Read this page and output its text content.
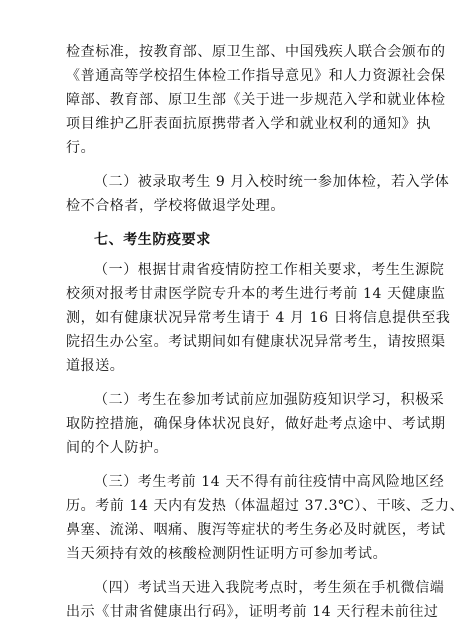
检查标准，按教育部、原卫生部、中国残疾人联合会颁布的
《普通高等学校招生体检工作指导意见》和人力资源社会保
障部、教育部、原卫生部《关于进一步规范入学和就业体检
项目维护乙肝表面抗原携带者入学和就业权利的通知》执
行。
（二）被录取考生 9 月入校时统一参加体检，若入学体
检不合格者，学校将做退学处理。
七、考生防疫要求
（一）根据甘肃省疫情防控工作相关要求，考生生源院
校须对报考甘肃医学院专升本的考生进行考前 14 天健康监
测，如有健康状况异常考生请于 4 月 16 日将信息提供至我
院招生办公室。考试期间如有健康状况异常考生，请按照渠
道报送。
（二）考生在参加考试前应加强防疫知识学习，积极采
取防控措施，确保身体状况良好，做好赴考点途中、考试期
间的个人防护。
（三）考生考前 14 天不得有前往疫情中高风险地区经
历。考前 14 天内有发热（体温超过 37.3℃）、干咳、乏力、
鼻塞、流涕、咽痛、腹泻等症状的考生务必及时就医，考试
当天须持有效的核酸检测阴性证明方可参加考试。
（四）考试当天进入我院考点时，考生须在手机微信端
出示《甘肃省健康出行码》，证明考前 14 天行程未前往过
